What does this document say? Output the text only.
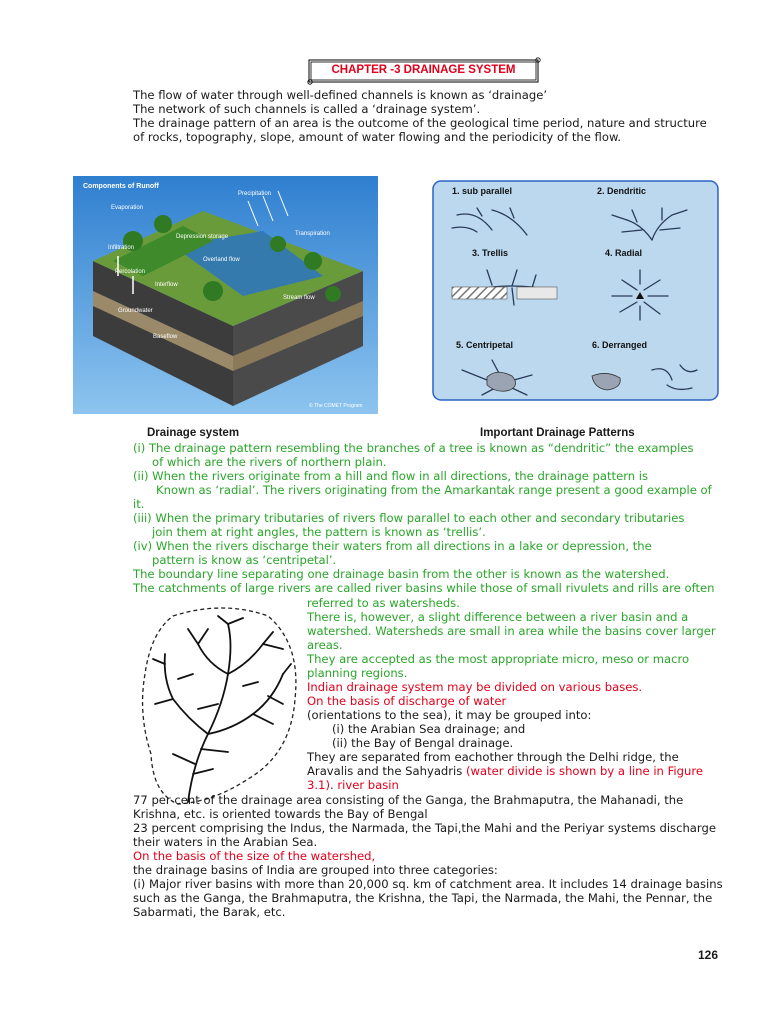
CHAPTER -3 DRAINAGE SYSTEM
The flow of water through well-defined channels is known as ‘drainage’
The network of such channels is called a ‘drainage system’.
The drainage pattern of an area is the outcome of the geological time period, nature and structure
of rocks, topography, slope, amount of water flowing and the periodicity of the flow.
Components of Runoff
Evaporation
Precipitation
Transpiration
Depression storage
Overland flow
Infiltration
Percolation
Interflow
Groundwater
Stream flow
Baseflow
© The COMET Program
1. sub parallel	2. Dendritic
3. Trellis	4. Radial
5. Centripetal	6. Derranged
Drainage system	Important Drainage Patterns
(i) The drainage pattern resembling the branches of a tree is known as “dendritic” the examples
of which are the rivers of northern plain.
(ii) When the rivers originate from a hill and flow in all directions, the drainage pattern is
Known as ‘radial’. The rivers originating from the Amarkantak range present a good example of
it.
(iii) When the primary tributaries of rivers flow parallel to each other and secondary tributaries
join them at right angles, the pattern is known as ‘trellis’.
(iv) When the rivers discharge their waters from all directions in a lake or depression, the
pattern is know as ‘centripetal’.
The boundary line separating one drainage basin from the other is known as the watershed.
The catchments of large rivers are called river basins while those of small rivulets and rills are often
referred to as watersheds.
There is, however, a slight difference between a river basin and a
watershed. Watersheds are small in area while the basins cover larger
areas.
They are accepted as the most appropriate micro, meso or macro
planning regions.
Indian drainage system may be divided on various bases.
On the basis of discharge of water
(orientations to the sea), it may be grouped into:
(i) the Arabian Sea drainage; and
(ii) the Bay of Bengal drainage.
They are separated from eachother through the Delhi ridge, the
Aravalis and the Sahyadris (water divide is shown by a line in Figure
3.1). river basin
77 per cent of the drainage area consisting of the Ganga, the Brahmaputra, the Mahanadi, the
Krishna, etc. is oriented towards the Bay of Bengal
23 percent comprising the Indus, the Narmada, the Tapi,the Mahi and the Periyar systems discharge
their waters in the Arabian Sea.
On the basis of the size of the watershed,
the drainage basins of India are grouped into three categories:
(i) Major river basins with more than 20,000 sq. km of catchment area. It includes 14 drainage basins
such as the Ganga, the Brahmaputra, the Krishna, the Tapi, the Narmada, the Mahi, the Pennar, the
Sabarmati, the Barak, etc.
126
